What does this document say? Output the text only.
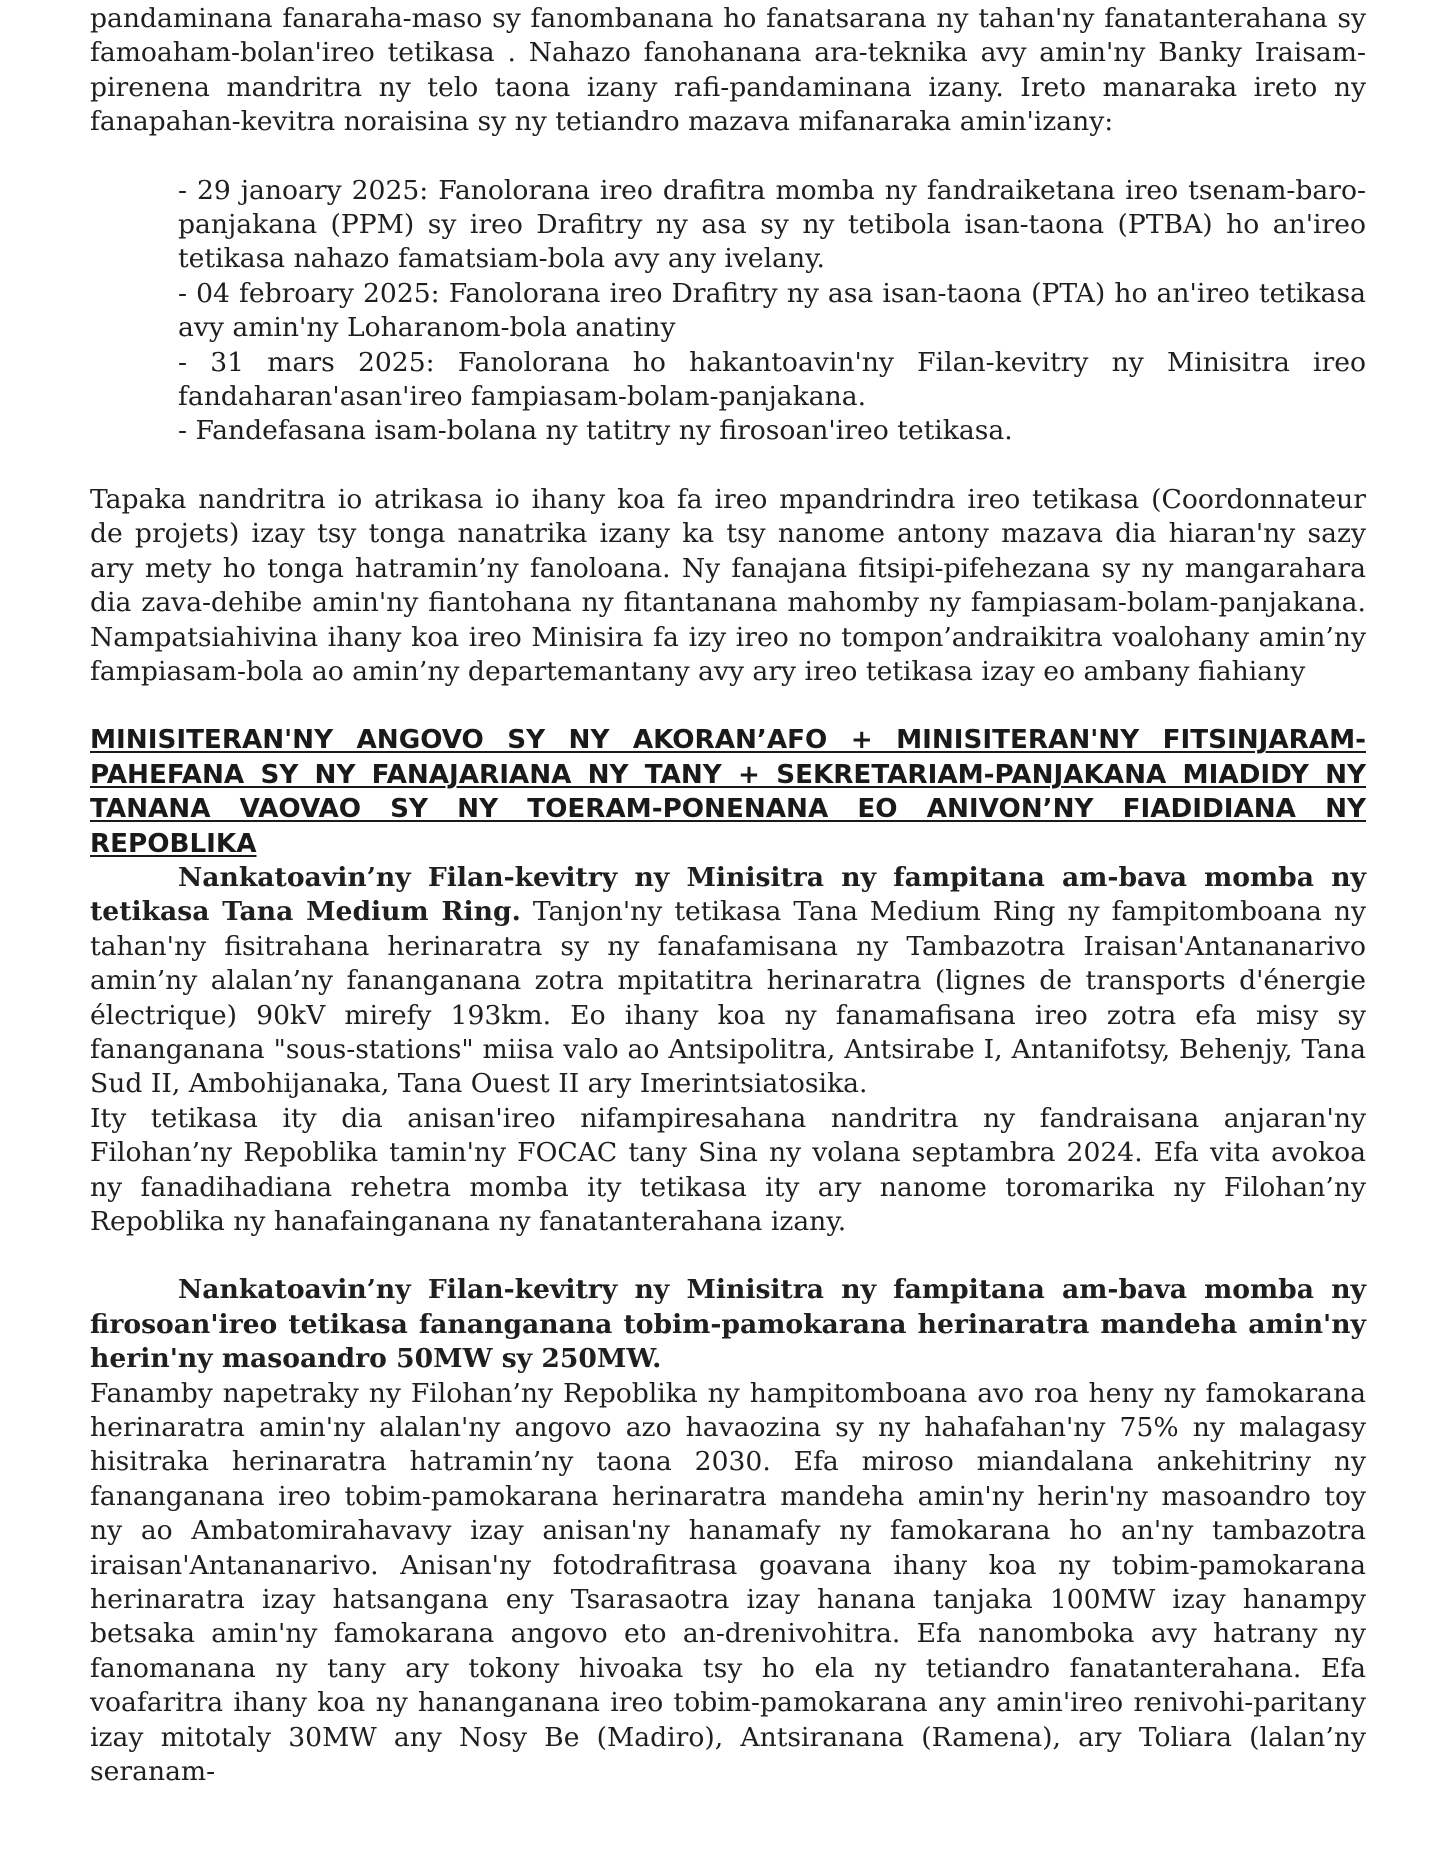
pandaminana fanaraha-maso sy fanombanana ho fanatsarana ny tahan'ny fanatanterahana sy famoaham-bolan'ireo tetikasa . Nahazo fanohanana ara-teknika avy amin'ny Banky Iraisam-pirenena mandritra ny telo taona izany rafi-pandaminana izany. Ireto manaraka ireto ny fanapahan-kevitra noraisina sy ny tetiandro mazava mifanaraka amin'izany:

- 29 janoary 2025: Fanolorana ireo drafitra momba ny fandraiketana ireo tsenam-baro-panjakana (PPM) sy ireo Drafitry ny asa sy ny tetibola isan-taona (PTBA) ho an'ireo tetikasa nahazo famatsiam-bola avy any ivelany.

- 04 febroary 2025: Fanolorana ireo Drafitry ny asa isan-taona (PTA) ho an'ireo tetikasa avy amin'ny Loharanom-bola anatiny

- 31 mars 2025: Fanolorana ho hakantoavin'ny Filan-kevitry ny Minisitra ireo fandaharan'asan'ireo fampiasam-bolam-panjakana.

- Fandefasana isam-bolana ny tatitry ny firosoan'ireo tetikasa.

Tapaka nandritra io atrikasa io ihany koa fa ireo mpandrindra ireo tetikasa (Coordonnateur de projets) izay tsy tonga nanatrika izany ka tsy nanome antony mazava dia hiaran'ny sazy ary mety ho tonga hatramin’ny fanoloana. Ny fanajana fitsipi-pifehezana sy ny mangarahara dia zava-dehibe amin'ny fiantohana ny fitantanana mahomby ny fampiasam-bolam-panjakana. Nampatsiahivina ihany koa ireo Minisira fa izy ireo no tompon’andraikitra voalohany amin’ny fampiasam-bola ao amin’ny departemantany avy ary ireo tetikasa izay eo ambany fiahiany

MINISITERAN'NY ANGOVO SY NY AKORAN’AFO + MINISITERAN'NY FITSINJARAM-PAHEFANA SY NY FANAJARIANA NY TANY + SEKRETARIAM-PANJAKANA MIADIDY NY TANANA VAOVAO SY NY TOERAM-PONENANA EO ANIVON’NY FIADIDIANA NY REPOBLIKA

Nankatoavin’ny Filan-kevitry ny Minisitra ny fampitana am-bava momba ny tetikasa Tana Medium Ring. Tanjon'ny tetikasa Tana Medium Ring ny fampitomboana ny tahan'ny fisitrahana herinaratra sy ny fanafamisana ny Tambazotra Iraisan'Antananarivo amin’ny alalan’ny fananganana zotra mpitatitra herinaratra (lignes de transports d'énergie électrique) 90kV mirefy 193km. Eo ihany koa ny fanamafisana ireo zotra efa misy sy fananganana "sous-stations" miisa valo ao Antsipolitra, Antsirabe I, Antanifotsy, Behenjy, Tana Sud II, Ambohijanaka, Tana Ouest II ary Imerintsiatosika.

Ity tetikasa ity dia anisan'ireo nifampiresahana nandritra ny fandraisana anjaran'ny Filohan’ny Repoblika tamin'ny FOCAC tany Sina ny volana septambra 2024. Efa vita avokoa ny fanadihadiana rehetra momba ity tetikasa ity ary nanome toromarika ny Filohan’ny Repoblika ny hanafainganana ny fanatanterahana izany.

Nankatoavin’ny Filan-kevitry ny Minisitra ny fampitana am-bava momba ny firosoan'ireo tetikasa fananganana tobim-pamokarana herinaratra mandeha amin'ny herin'ny masoandro 50MW sy 250MW.

Fanamby napetraky ny Filohan’ny Repoblika ny hampitomboana avo roa heny ny famokarana herinaratra amin'ny alalan'ny angovo azo havaozina sy ny hahafahan'ny 75% ny malagasy hisitraka herinaratra hatramin’ny taona 2030. Efa miroso miandalana ankehitriny ny fananganana ireo tobim-pamokarana herinaratra mandeha amin'ny herin'ny masoandro toy ny ao Ambatomirahavavy izay anisan'ny hanamafy ny famokarana ho an'ny tambazotra iraisan'Antananarivo. Anisan'ny fotodrafitrasa goavana ihany koa ny tobim-pamokarana herinaratra izay hatsangana eny Tsarasaotra izay hanana tanjaka 100MW izay hanampy betsaka amin'ny famokarana angovo eto an-drenivohitra. Efa nanomboka avy hatrany ny fanomanana ny tany ary tokony hivoaka tsy ho ela ny tetiandro fanatanterahana. Efa voafaritra ihany koa ny hananganana ireo tobim-pamokarana any amin'ireo renivohi-paritany izay mitotaly 30MW any Nosy Be (Madiro), Antsiranana (Ramena), ary Toliara (lalan’ny seranam-
